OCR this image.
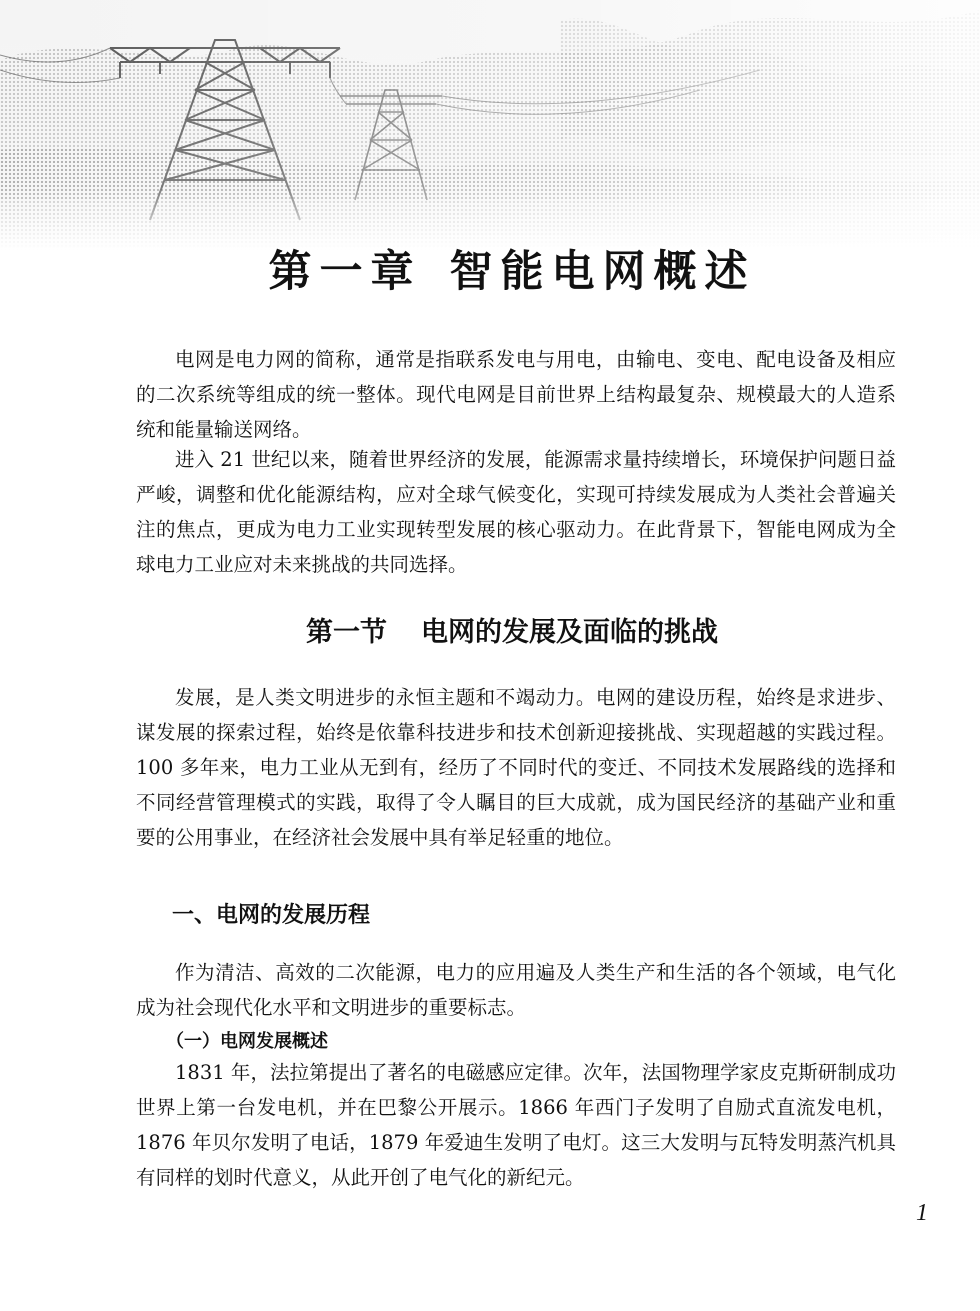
第一章 智能电网概述

电网是电力网的简称，通常是指联系发电与用电，由输电、变电、配电设备及相应的二次系统等组成的统一整体。现代电网是目前世界上结构最复杂、规模最大的人造系统和能量输送网络。

进入 21 世纪以来，随着世界经济的发展，能源需求量持续增长，环境保护问题日益严峻，调整和优化能源结构，应对全球气候变化，实现可持续发展成为人类社会普遍关注的焦点，更成为电力工业实现转型发展的核心驱动力。在此背景下，智能电网成为全球电力工业应对未来挑战的共同选择。

第一节 电网的发展及面临的挑战

发展，是人类文明进步的永恒主题和不竭动力。电网的建设历程，始终是求进步、谋发展的探索过程，始终是依靠科技进步和技术创新迎接挑战、实现超越的实践过程。100 多年来，电力工业从无到有，经历了不同时代的变迁、不同技术发展路线的选择和不同经营管理模式的实践，取得了令人瞩目的巨大成就，成为国民经济的基础产业和重要的公用事业，在经济社会发展中具有举足轻重的地位。

一、电网的发展历程

作为清洁、高效的二次能源，电力的应用遍及人类生产和生活的各个领域，电气化成为社会现代化水平和文明进步的重要标志。

（一）电网发展概述

1831 年，法拉第提出了著名的电磁感应定律。次年，法国物理学家皮克斯研制成功世界上第一台发电机，并在巴黎公开展示。1866 年西门子发明了自励式直流发电机，1876 年贝尔发明了电话，1879 年爱迪生发明了电灯。这三大发明与瓦特发明蒸汽机具有同样的划时代意义，从此开创了电气化的新纪元。

1
